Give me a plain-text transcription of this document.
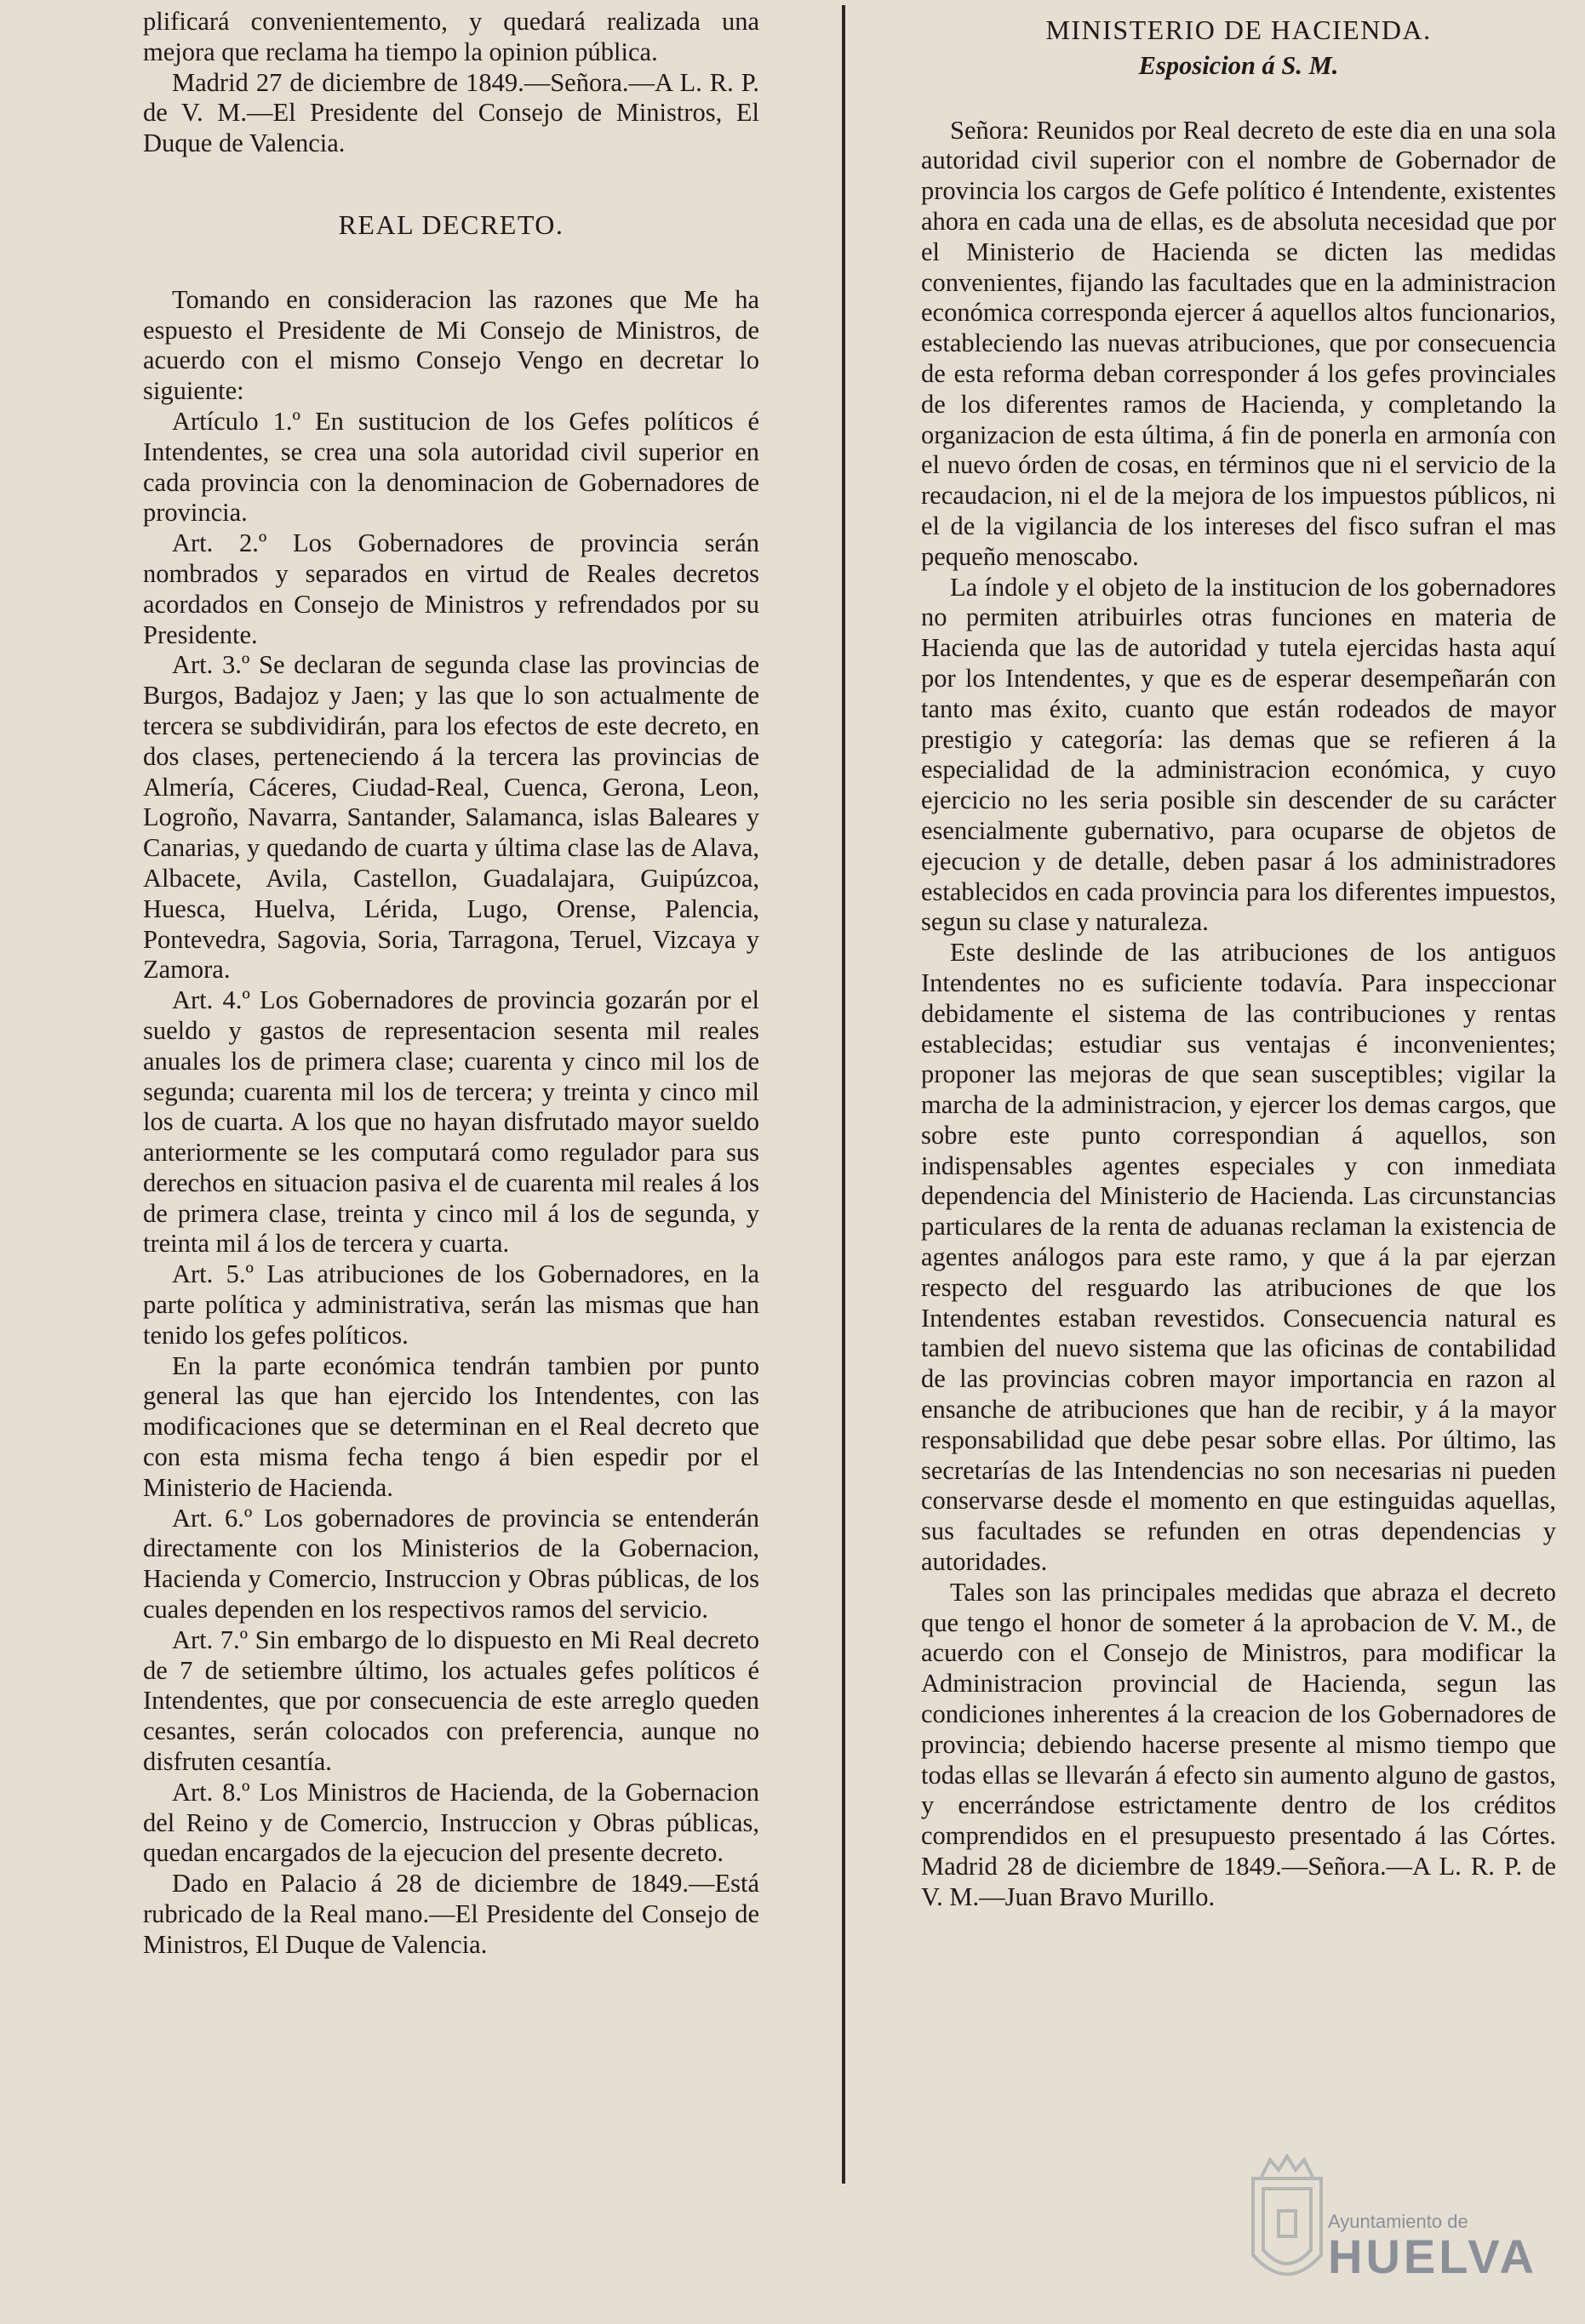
plificará convenientemento, y quedará realizada una mejora que reclama ha tiempo la opinion pública.

Madrid 27 de diciembre de 1849.—Señora.—A L. R. P. de V. M.—El Presidente del Consejo de Ministros, El Duque de Valencia.

REAL DECRETO.

Tomando en consideracion las razones que Me ha espuesto el Presidente de Mi Consejo de Ministros, de acuerdo con el mismo Consejo Vengo en decretar lo siguiente:

Artículo 1.º En sustitucion de los Gefes políticos é Intendentes, se crea una sola autoridad civil superior en cada provincia con la denominacion de Gobernadores de provincia.

Art. 2.º Los Gobernadores de provincia serán nombrados y separados en virtud de Reales decretos acordados en Consejo de Ministros y refrendados por su Presidente.

Art. 3.º Se declaran de segunda clase las provincias de Burgos, Badajoz y Jaen; y las que lo son actualmente de tercera se subdividirán, para los efectos de este decreto, en dos clases, perteneciendo á la tercera las provincias de Almería, Cáceres, Ciudad-Real, Cuenca, Gerona, Leon, Logroño, Navarra, Santander, Salamanca, islas Baleares y Canarias, y quedando de cuarta y última clase las de Alava, Albacete, Avila, Castellon, Guadalajara, Guipúzcoa, Huesca, Huelva, Lérida, Lugo, Orense, Palencia, Pontevedra, Sagovia, Soria, Tarragona, Teruel, Vizcaya y Zamora.

Art. 4.º Los Gobernadores de provincia gozarán por el sueldo y gastos de representacion sesenta mil reales anuales los de primera clase; cuarenta y cinco mil los de segunda; cuarenta mil los de tercera; y treinta y cinco mil los de cuarta. A los que no hayan disfrutado mayor sueldo anteriormente se les computará como regulador para sus derechos en situacion pasiva el de cuarenta mil reales á los de primera clase, treinta y cinco mil á los de segunda, y treinta mil á los de tercera y cuarta.

Art. 5.º Las atribuciones de los Gobernadores, en la parte política y administrativa, serán las mismas que han tenido los gefes políticos.

En la parte económica tendrán tambien por punto general las que han ejercido los Intendentes, con las modificaciones que se determinan en el Real decreto que con esta misma fecha tengo á bien espedir por el Ministerio de Hacienda.

Art. 6.º Los gobernadores de provincia se entenderán directamente con los Ministerios de la Gobernacion, Hacienda y Comercio, Instruccion y Obras públicas, de los cuales dependen en los respectivos ramos del servicio.

Art. 7.º Sin embargo de lo dispuesto en Mi Real decreto de 7 de setiembre último, los actuales gefes políticos é Intendentes, que por consecuencia de este arreglo queden cesantes, serán colocados con preferencia, aunque no disfruten cesantía.

Art. 8.º Los Ministros de Hacienda, de la Gobernacion del Reino y de Comercio, Instruccion y Obras públicas, quedan encargados de la ejecucion del presente decreto.

Dado en Palacio á 28 de diciembre de 1849.—Está rubricado de la Real mano.—El Presidente del Consejo de Ministros, El Duque de Valencia.

MINISTERIO DE HACIENDA.
Esposicion á S. M.

Señora: Reunidos por Real decreto de este dia en una sola autoridad civil superior con el nombre de Gobernador de provincia los cargos de Gefe político é Intendente, existentes ahora en cada una de ellas, es de absoluta necesidad que por el Ministerio de Hacienda se dicten las medidas convenientes, fijando las facultades que en la administracion económica corresponda ejercer á aquellos altos funcionarios, estableciendo las nuevas atribuciones, que por consecuencia de esta reforma deban corresponder á los gefes provinciales de los diferentes ramos de Hacienda, y completando la organizacion de esta última, á fin de ponerla en armonía con el nuevo órden de cosas, en términos que ni el servicio de la recaudacion, ni el de la mejora de los impuestos públicos, ni el de la vigilancia de los intereses del fisco sufran el mas pequeño menoscabo.

La índole y el objeto de la institucion de los gobernadores no permiten atribuirles otras funciones en materia de Hacienda que las de autoridad y tutela ejercidas hasta aquí por los Intendentes, y que es de esperar desempeñarán con tanto mas éxito, cuanto que están rodeados de mayor prestigio y categoría: las demas que se refieren á la especialidad de la administracion económica, y cuyo ejercicio no les seria posible sin descender de su carácter esencialmente gubernativo, para ocuparse de objetos de ejecucion y de detalle, deben pasar á los administradores establecidos en cada provincia para los diferentes impuestos, segun su clase y naturaleza.

Este deslinde de las atribuciones de los antiguos Intendentes no es suficiente todavía. Para inspeccionar debidamente el sistema de las contribuciones y rentas establecidas; estudiar sus ventajas é inconvenientes; proponer las mejoras de que sean susceptibles; vigilar la marcha de la administracion, y ejercer los demas cargos, que sobre este punto correspondian á aquellos, son indispensables agentes especiales y con inmediata dependencia del Ministerio de Hacienda. Las circunstancias particulares de la renta de aduanas reclaman la existencia de agentes análogos para este ramo, y que á la par ejerzan respecto del resguardo las atribuciones de que los Intendentes estaban revestidos. Consecuencia natural es tambien del nuevo sistema que las oficinas de contabilidad de las provincias cobren mayor importancia en razon al ensanche de atribuciones que han de recibir, y á la mayor responsabilidad que debe pesar sobre ellas. Por último, las secretarías de las Intendencias no son necesarias ni pueden conservarse desde el momento en que estinguidas aquellas, sus facultades se refunden en otras dependencias y autoridades.

Tales son las principales medidas que abraza el decreto que tengo el honor de someter á la aprobacion de V. M., de acuerdo con el Consejo de Ministros, para modificar la Administracion provincial de Hacienda, segun las condiciones inherentes á la creacion de los Gobernadores de provincia; debiendo hacerse presente al mismo tiempo que todas ellas se llevarán á efecto sin aumento alguno de gastos, y encerrándose estrictamente dentro de los créditos comprendidos en el presupuesto presentado á las Córtes. Madrid 28 de diciembre de 1849.—Señora.—A L. R. P. de V. M.—Juan Bravo Murillo.

Ayuntamiento de
HUELVA
